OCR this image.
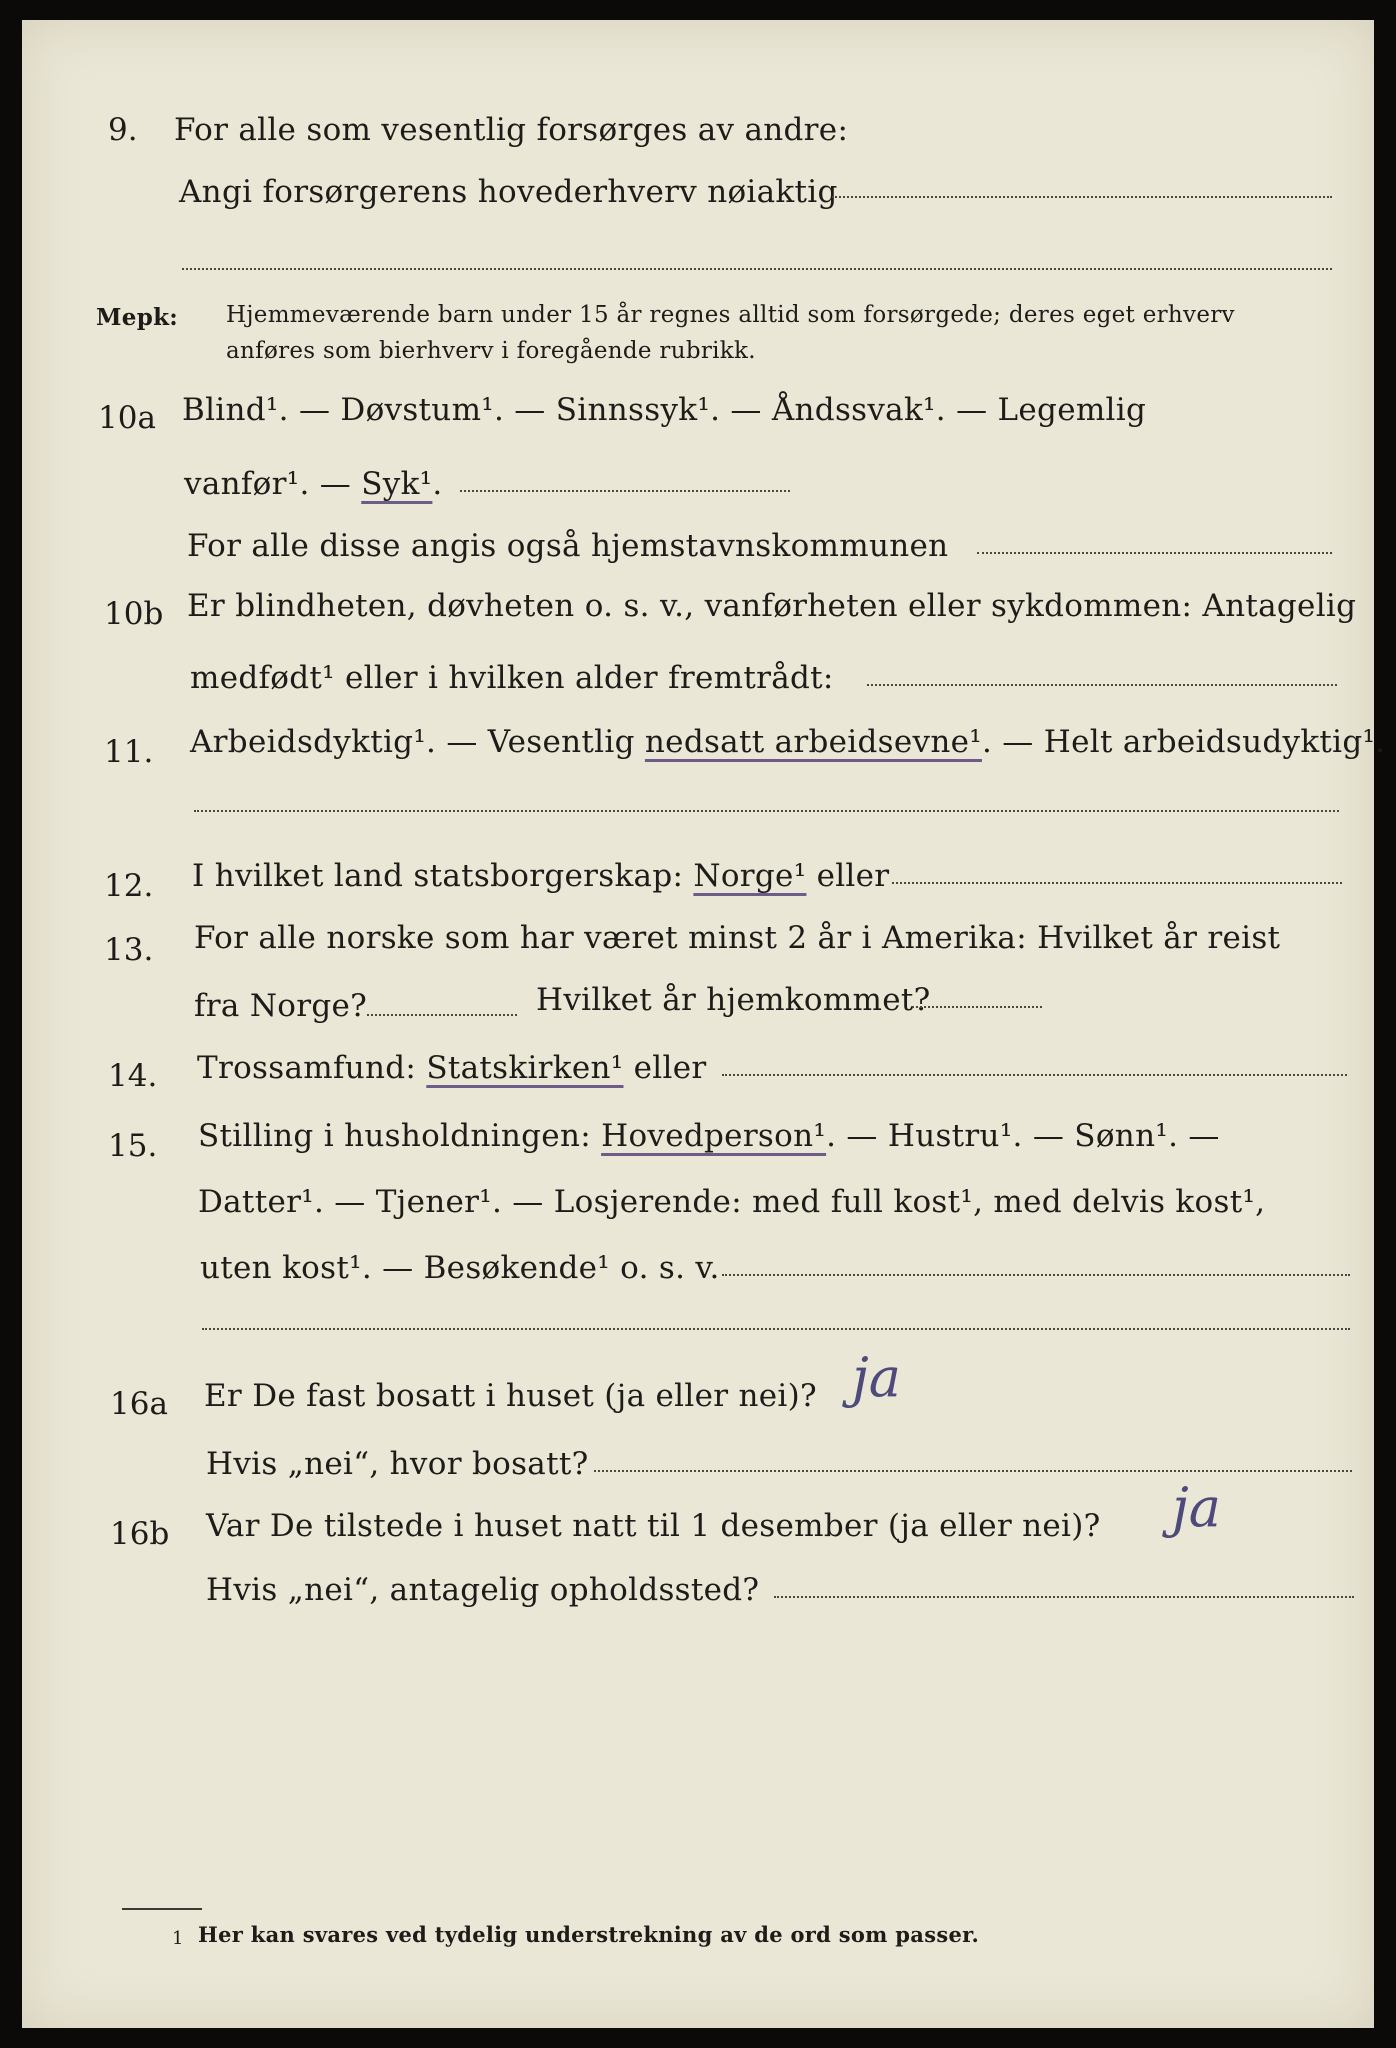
9. For alle som vesentlig forsørges av andre:
Angi forsørgerens hovederhverv nøiaktig
Mерk: Hjemmeværende barn under 15 år regnes alltid som forsørgede; deres eget erhverv
anføres som bierhverv i foregående rubrikk.
10a Blind¹. — Døvstum¹. — Sinnssyk¹. — Åndssvak¹. — Legemlig
vanfør¹. — Syk¹.
For alle disse angis også hjemstavnskommunen
10b Er blindheten, døvheten o. s. v., vanførheten eller sykdommen: Antagelig
medfødt¹ eller i hvilken alder fremtrådt:
11. Arbeidsdyktig¹. — Vesentlig nedsatt arbeidsevne¹. — Helt arbeidsudyktig¹.
12. I hvilket land statsborgerskap: Norge¹ eller
13. For alle norske som har været minst 2 år i Amerika: Hvilket år reist
fra Norge?	Hvilket år hjemkommet?
14. Trossamfund: Statskirken¹ eller
15. Stilling i husholdningen: Hovedperson¹. — Hustru¹. — Sønn¹. —
Datter¹. — Tjener¹. — Losjerende: med full kost¹, med delvis kost¹,
uten kost¹. — Besøkende¹ o. s. v.
16a Er De fast bosatt i huset (ja eller nei)? ja
Hvis „nei“, hvor bosatt?
16b Var De tilstede i huset natt til 1 desember (ja eller nei)? ja
Hvis „nei“, antagelig opholdssted?
1 Her kan svares ved tydelig understrekning av de ord som passer.
